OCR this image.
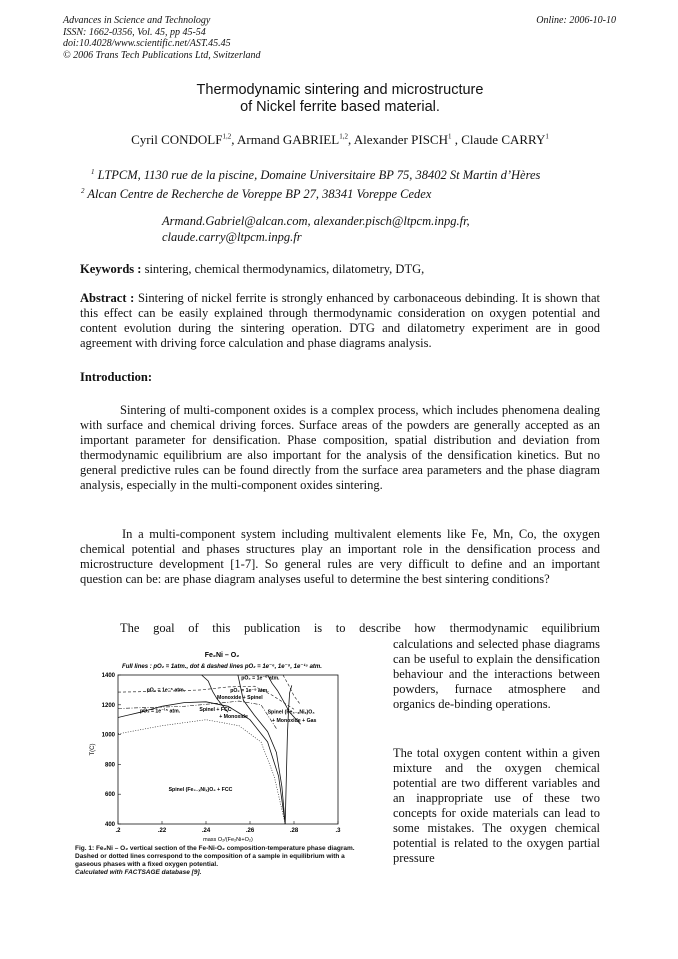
Advances in Science and Technology
ISSN: 1662-0356, Vol. 45, pp 45-54
doi:10.4028/www.scientific.net/AST.45.45
© 2006 Trans Tech Publications Ltd, Switzerland
Online: 2006-10-10
Thermodynamic sintering and microstructure
of Nickel ferrite based material.
Cyril CONDOLF$^{1,2}$, Armand GABRIEL$^{1,2}$, Alexander PISCH$^1$ , Claude CARRY$^1$
$^1$ LTPCM, 1130 rue de la piscine, Domaine Universitaire BP 75, 38402 St Martin d’Hères
$^2$ Alcan Centre de Recherche de Voreppe BP 27, 38341 Voreppe Cedex
Armand.Gabriel@alcan.com, alexander.pisch@ltpcm.inpg.fr,
claude.carry@ltpcm.inpg.fr
Keywords : sintering, chemical thermodynamics, dilatometry, DTG,
Abstract : Sintering of nickel ferrite is strongly enhanced by carbonaceous debinding. It is shown that this effect can be easily explained through thermodynamic consideration on oxygen potential and content evolution during the sintering operation. DTG and dilatometry experiment are in good agreement with driving force calculation and phase diagrams analysis.
Introduction:
Sintering of multi-component oxides is a complex process, which includes phenomena dealing with surface and chemical driving forces. Surface areas of the powders are generally accepted as an important parameter for densification. Phase composition, spatial distribution and deviation from thermodynamic equilibrium are also important for the analysis of the densification kinetics. But no general predictive rules can be found directly from the surface area parameters and the phase diagram analysis, especially in the multi-component oxides sintering.
In a multi-component system including multivalent elements like Fe, Mn, Co, the oxygen chemical potential and phases structures play an important role in the densification process and microstructure development [1-7]. So general rules are very difficult to define and an important question can be: are phase diagram analyses useful to determine the best sintering conditions?
The goal of this publication is to describe how thermodynamic equilibrium
calculations and selected phase diagrams can be useful to explain the densification behaviour and the interactions between powders, furnace atmosphere and organics de-binding operations.
The total oxygen content within a given mixture and the oxygen chemical potential are two different variables and an inappropriate use of these two concepts for oxide materials can lead to some mistakes. The oxygen chemical potential is related to the oxygen partial pressure
Fe₂Ni – O₂
Full lines : pO₂ = 1atm., dot & dashed lines pO₂ = 1e⁻⁶, 1e⁻⁹, 1e⁻¹⁵ atm.
.2	.22	.24	.26	.28	.3
400
600
800
1000
1200
1400
mass O₂/(Fe₂Ni+O₂)
T(C)
pO₂ = 1e⁻⁰ atm.
pO₂ = 1e⁻⁶ atm.	pO₂ = 1e⁻⁹ atm.
Monoxide + Spinel
Spinel + FCC
+ Monoxide
Spinel (Fe₃₋ₓNiₓ)O₄
+ Monoxide + Gas
pO₂ = 1e⁻¹⁵ atm.
Spinel (Fe₃₋ₓNiₓ)O₄ + FCC
Fig. 1: Fe₂Ni – O₂ vertical section of the Fe-Ni-O₂ composition-temperature phase diagram. Dashed or dotted lines correspond to the composition of a sample in equilibrium with a gaseous phases with a fixed oxygen potential.
Calculated with FACTSAGE database [9].
